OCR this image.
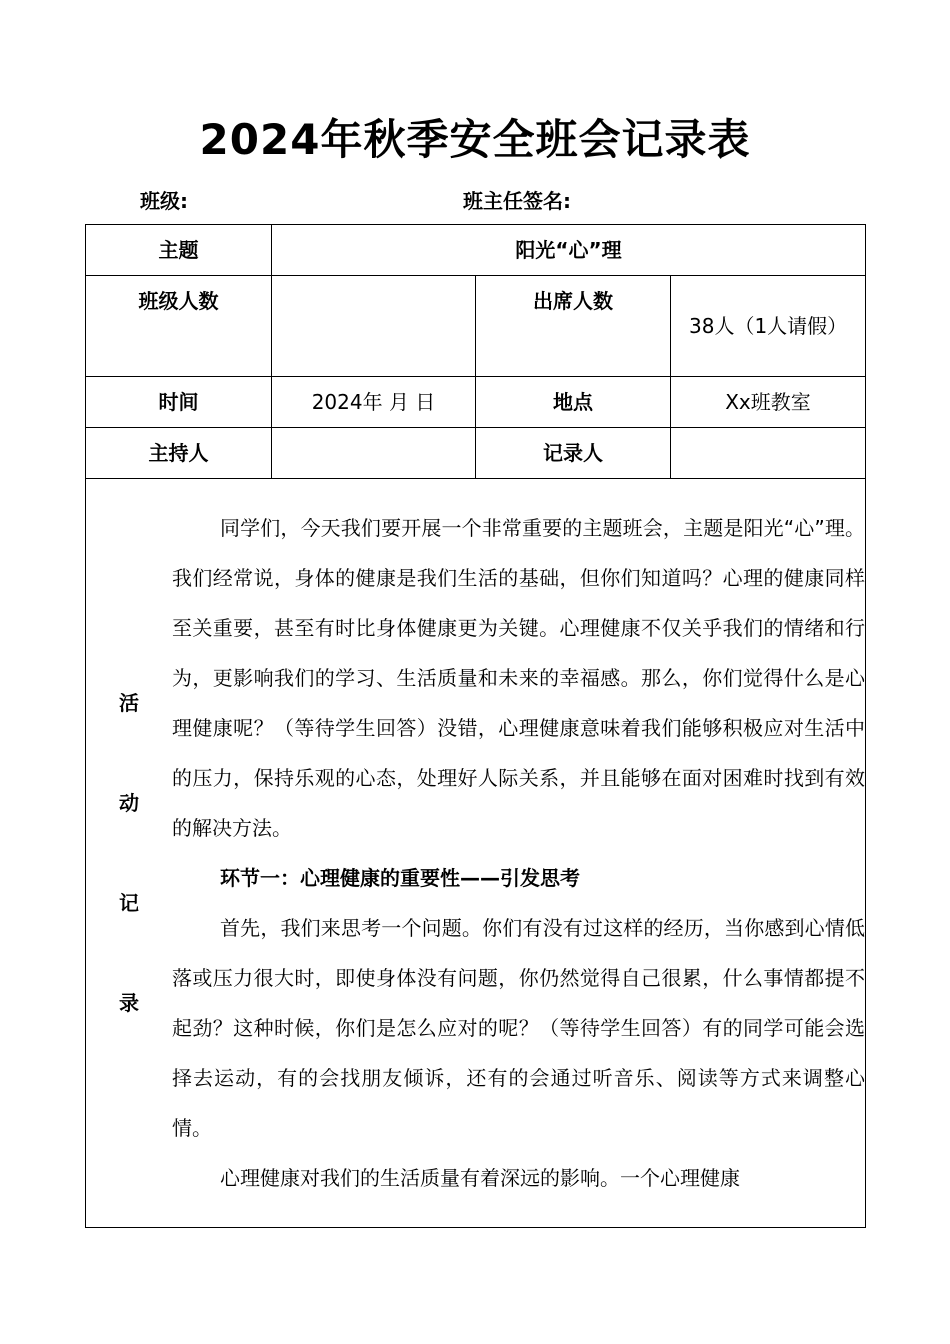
2024年秋季安全班会记录表
班级:	班主任签名:
主题	阳光“心”理
班级人数		出席人数	38人（1人请假）
时间	2024年 月 日	地点	Xx班教室
主持人		记录人	

活
动
记
录

同学们，今天我们要开展一个非常重要的主题班会，主题是阳光“心”理。我们经常说，身体的健康是我们生活的基础，但你们知道吗？心理的健康同样至关重要，甚至有时比身体健康更为关键。心理健康不仅关乎我们的情绪和行为，更影响我们的学习、生活质量和未来的幸福感。那么，你们觉得什么是心理健康呢？（等待学生回答）没错，心理健康意味着我们能够积极应对生活中的压力，保持乐观的心态，处理好人际关系，并且能够在面对困难时找到有效的解决方法。

环节一：心理健康的重要性——引发思考

首先，我们来思考一个问题。你们有没有过这样的经历，当你感到心情低落或压力很大时，即使身体没有问题，你仍然觉得自己很累，什么事情都提不起劲？这种时候，你们是怎么应对的呢？（等待学生回答）有的同学可能会选择去运动，有的会找朋友倾诉，还有的会通过听音乐、阅读等方式来调整心情。

心理健康对我们的生活质量有着深远的影响。一个心理健康
